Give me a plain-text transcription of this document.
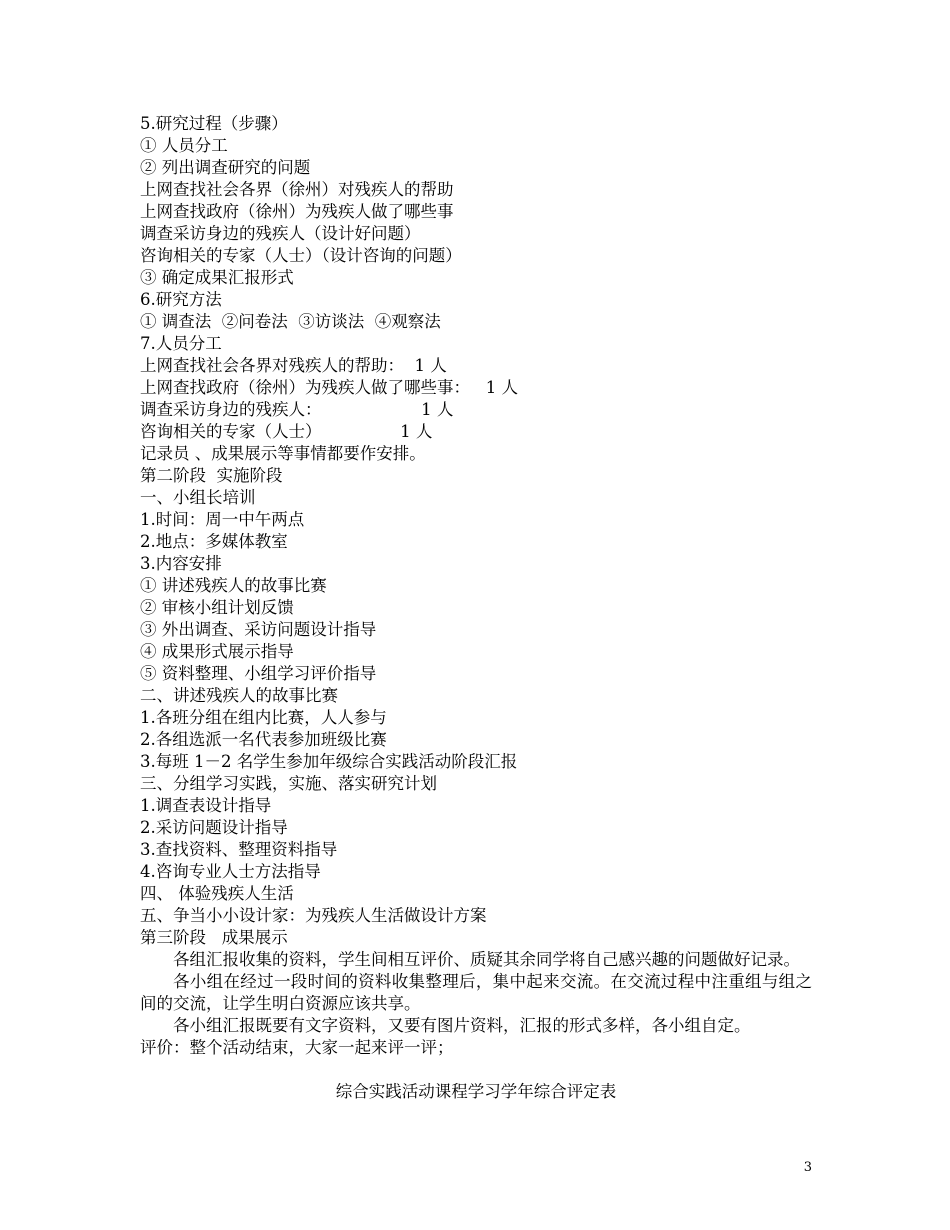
5.研究过程（步骤）
① 人员分工
② 列出调查研究的问题
上网查找社会各界（徐州）对残疾人的帮助
上网查找政府（徐州）为残疾人做了哪些事
调查采访身边的残疾人（设计好问题）
咨询相关的专家（人士）（设计咨询的问题）
③ 确定成果汇报形式
6.研究方法
① 调查法  ②问卷法  ③访谈法  ④观察法
7.人员分工
上网查找社会各界对残疾人的帮助：  1 人
上网查找政府（徐州）为残疾人做了哪些事：   1 人
调查采访身边的残疾人：                   1 人
咨询相关的专家（人士）               1 人
记录员 、成果展示等事情都要作安排。
第二阶段  实施阶段
一、小组长培训
1.时间：周一中午两点
2.地点：多媒体教室
3.内容安排
① 讲述残疾人的故事比赛
② 审核小组计划反馈
③ 外出调查、采访问题设计指导
④ 成果形式展示指导
⑤ 资料整理、小组学习评价指导
二、讲述残疾人的故事比赛
1.各班分组在组内比赛，人人参与
2.各组选派一名代表参加班级比赛
3.每班 1－2 名学生参加年级综合实践活动阶段汇报
三、分组学习实践，实施、落实研究计划
1.调查表设计指导
2.采访问题设计指导
3.查找资料、整理资料指导
4.咨询专业人士方法指导
四、 体验残疾人生活
五、争当小小设计家：为残疾人生活做设计方案
第三阶段   成果展示
各组汇报收集的资料，学生间相互评价、质疑其余同学将自己感兴趣的问题做好记录。
各小组在经过一段时间的资料收集整理后，集中起来交流。在交流过程中注重组与组之间的交流，让学生明白资源应该共享。
各小组汇报既要有文字资料，又要有图片资料，汇报的形式多样，各小组自定。
评价：整个活动结束，大家一起来评一评；
综合实践活动课程学习学年综合评定表
3
